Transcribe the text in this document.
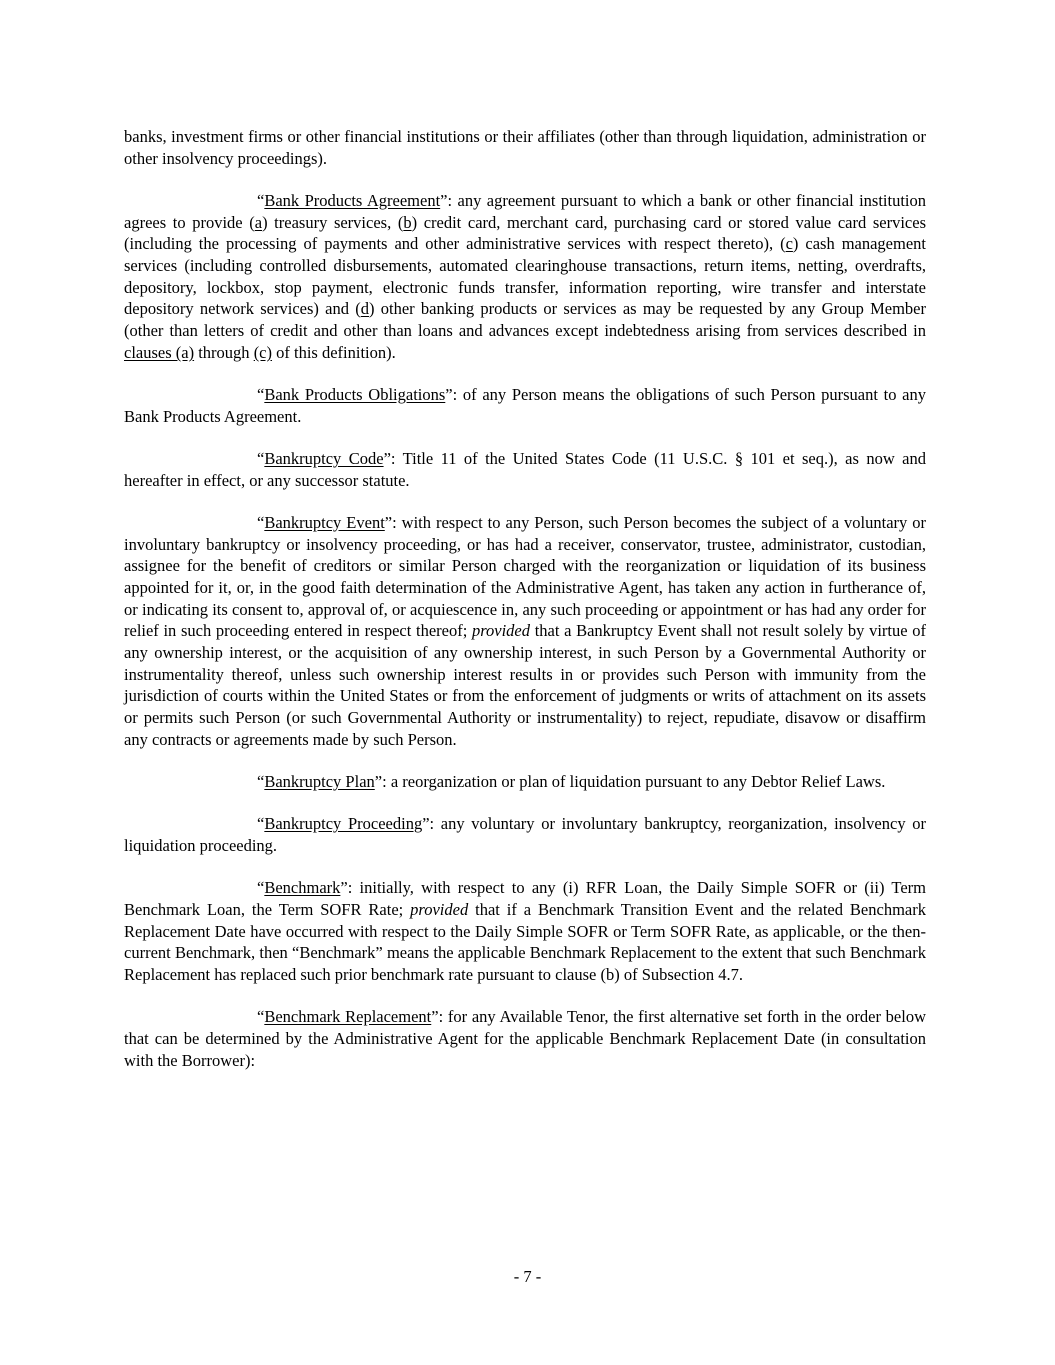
banks, investment firms or other financial institutions or their affiliates (other than through liquidation, administration or other insolvency proceedings).

“Bank Products Agreement”: any agreement pursuant to which a bank or other financial institution agrees to provide (a) treasury services, (b) credit card, merchant card, purchasing card or stored value card services (including the processing of payments and other administrative services with respect thereto), (c) cash management services (including controlled disbursements, automated clearinghouse transactions, return items, netting, overdrafts, depository, lockbox, stop payment, electronic funds transfer, information reporting, wire transfer and interstate depository network services) and (d) other banking products or services as may be requested by any Group Member (other than letters of credit and other than loans and advances except indebtedness arising from services described in clauses (a) through (c) of this definition).

“Bank Products Obligations”: of any Person means the obligations of such Person pursuant to any Bank Products Agreement.

“Bankruptcy Code”: Title 11 of the United States Code (11 U.S.C. § 101 et seq.), as now and hereafter in effect, or any successor statute.

“Bankruptcy Event”: with respect to any Person, such Person becomes the subject of a voluntary or involuntary bankruptcy or insolvency proceeding, or has had a receiver, conservator, trustee, administrator, custodian, assignee for the benefit of creditors or similar Person charged with the reorganization or liquidation of its business appointed for it, or, in the good faith determination of the Administrative Agent, has taken any action in furtherance of, or indicating its consent to, approval of, or acquiescence in, any such proceeding or appointment or has had any order for relief in such proceeding entered in respect thereof; provided that a Bankruptcy Event shall not result solely by virtue of any ownership interest, or the acquisition of any ownership interest, in such Person by a Governmental Authority or instrumentality thereof, unless such ownership interest results in or provides such Person with immunity from the jurisdiction of courts within the United States or from the enforcement of judgments or writs of attachment on its assets or permits such Person (or such Governmental Authority or instrumentality) to reject, repudiate, disavow or disaffirm any contracts or agreements made by such Person.

“Bankruptcy Plan”: a reorganization or plan of liquidation pursuant to any Debtor Relief Laws.

“Bankruptcy Proceeding”: any voluntary or involuntary bankruptcy, reorganization, insolvency or liquidation proceeding.

“Benchmark”: initially, with respect to any (i) RFR Loan, the Daily Simple SOFR or (ii) Term Benchmark Loan, the Term SOFR Rate; provided that if a Benchmark Transition Event and the related Benchmark Replacement Date have occurred with respect to the Daily Simple SOFR or Term SOFR Rate, as applicable, or the then-current Benchmark, then “Benchmark” means the applicable Benchmark Replacement to the extent that such Benchmark Replacement has replaced such prior benchmark rate pursuant to clause (b) of Subsection 4.7.

“Benchmark Replacement”: for any Available Tenor, the first alternative set forth in the order below that can be determined by the Administrative Agent for the applicable Benchmark Replacement Date (in consultation with the Borrower):

- 7 -
